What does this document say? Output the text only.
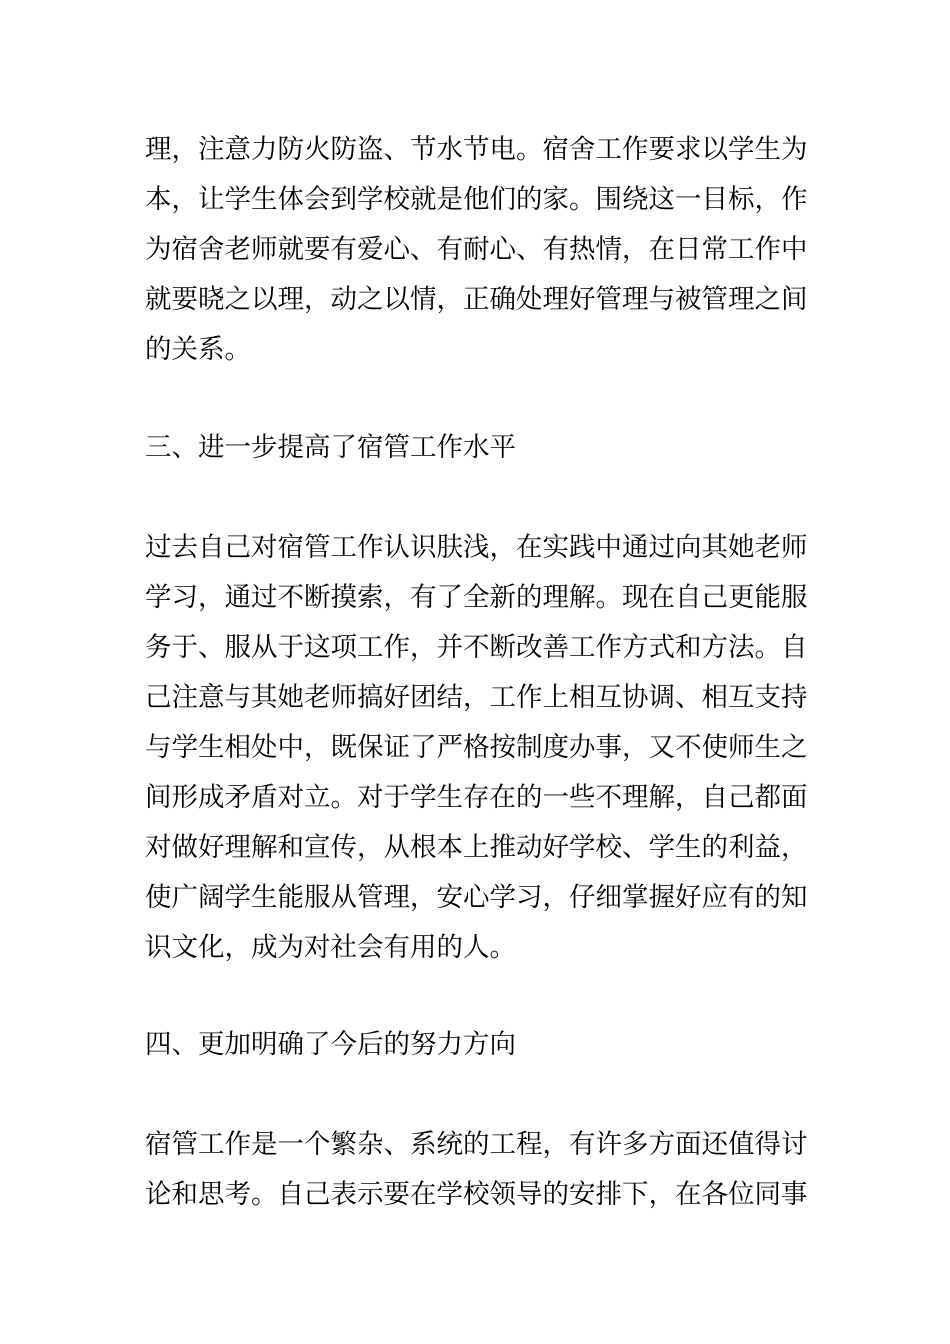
理，注意力防火防盗、节水节电。宿舍工作要求以学生为
本，让学生体会到学校就是他们的家。围绕这一目标，作
为宿舍老师就要有爱心、有耐心、有热情，在日常工作中
就要晓之以理，动之以情，正确处理好管理与被管理之间
的关系。
三、进一步提高了宿管工作水平
过去自己对宿管工作认识肤浅，在实践中通过向其她老师
学习，通过不断摸索，有了全新的理解。现在自己更能服
务于、服从于这项工作，并不断改善工作方式和方法。自
己注意与其她老师搞好团结，工作上相互协调、相互支持
与学生相处中，既保证了严格按制度办事，又不使师生之
间形成矛盾对立。对于学生存在的一些不理解，自己都面
对做好理解和宣传，从根本上推动好学校、学生的利益，
使广阔学生能服从管理，安心学习，仔细掌握好应有的知
识文化，成为对社会有用的人。
四、更加明确了今后的努力方向
宿管工作是一个繁杂、系统的工程，有许多方面还值得讨
论和思考。自己表示要在学校领导的安排下，在各位同事
